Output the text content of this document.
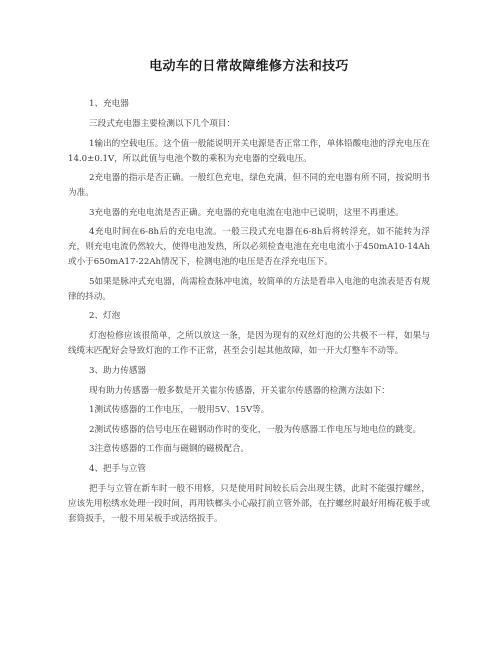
电动车的日常故障维修方法和技巧

1、充电器

三段式充电器主要检测以下几个项目：

1输出的空载电压。这个值一般能说明开关电源是否正常工作，单体铅酸电池的浮充电压在14.0±0.1V，所以此值与电池个数的乘积为充电器的空载电压。

2充电器的指示是否正确。一般红色充电，绿色充满，但不同的充电器有所不同，按说明书为准。

3充电器的充电电流是否正确。充电器的充电电流在电池中已说明，这里不再重述。

4充电时间在6-8h后的充电电流。一般三段式充电器在6-8h后将转浮充，如不能转为浮充，则充电电流仍然较大，使得电池发热，所以必须检查电池在充电电流小于450mA10-14Ah或小于650mA17-22Ah情况下，检测电池的电压是否在浮充电压下。

5如果是脉冲式充电器，尚需检查脉冲电流，较简单的方法是看串入电池的电流表是否有规律的抖动。

2、灯泡

灯泡检修应该很简单，之所以放这一条，是因为现有的双丝灯泡的公共极不一样，如果与线缆末匹配好会导致灯泡的工作不正常，甚至会引起其他故障，如一开大灯整车不动等。

3、助力传感器

现有助力传感器一般多数是开关霍尔传感器，开关霍尔传感器的检测方法如下：

1测试传感器的工作电压，一般用5V、15V等。

2测试传感器的信号电压在磁钢动作时的变化，一般为传感器工作电压与地电位的跳变。

3注意传感器的工作面与磁钢的磁极配合。

4、把手与立管

把手与立管在新车时一般不用修，只是使用时间较长后会出现生锈，此时不能强拧螺丝，应该先用松绣水处理一段时间，再用铁榔头小心敲打前立管外部，在拧螺丝时最好用梅花板手或套筒扳手，一般不用呆板手或活络扳手。
